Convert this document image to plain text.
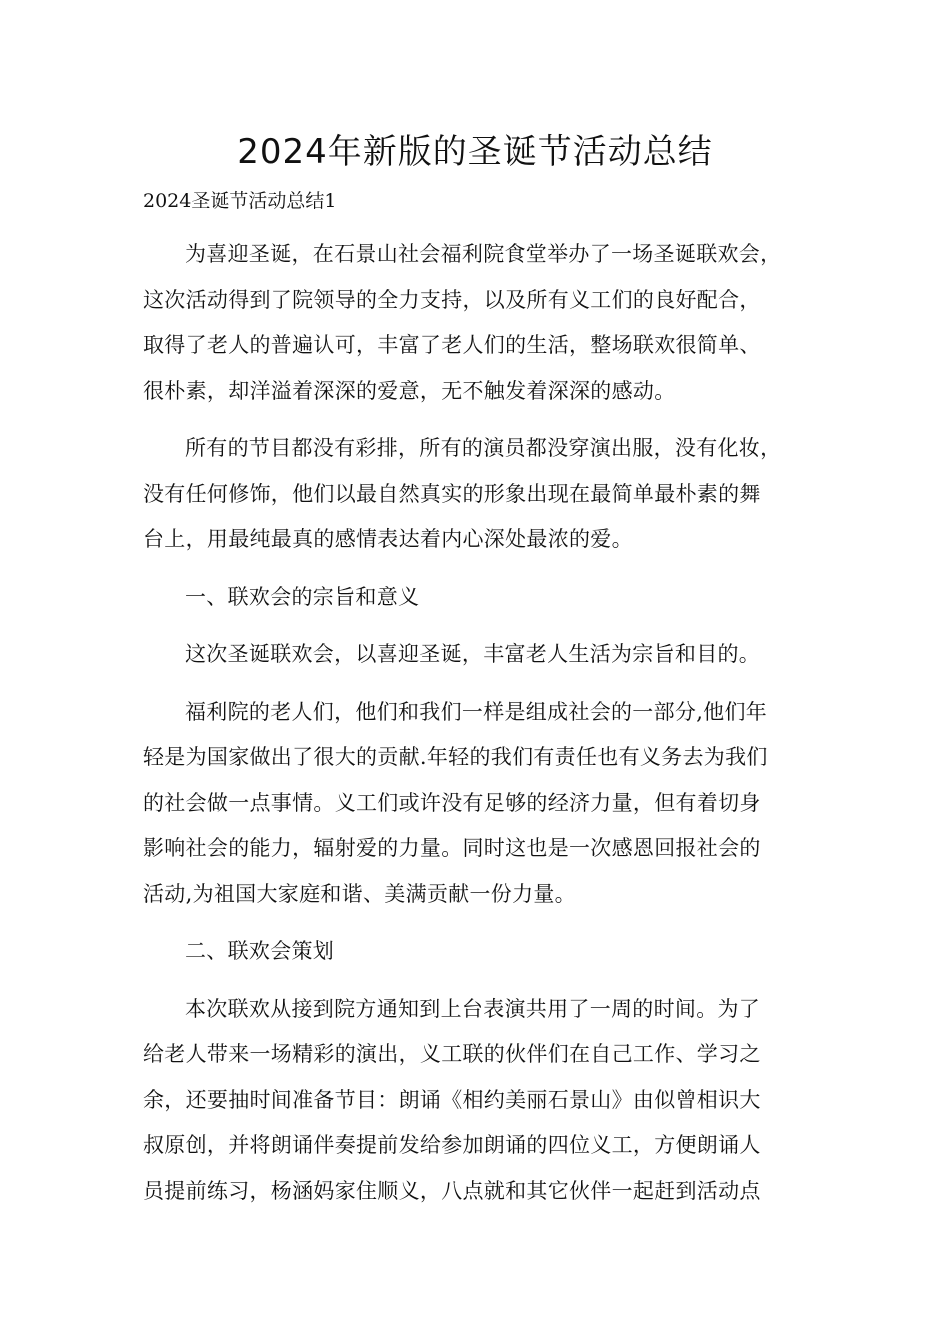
2024年新版的圣诞节活动总结

2024圣诞节活动总结1

为喜迎圣诞，在石景山社会福利院食堂举办了一场圣诞联欢会，
这次活动得到了院领导的全力支持，以及所有义工们的良好配合，
取得了老人的普遍认可，丰富了老人们的生活，整场联欢很简单、
很朴素，却洋溢着深深的爱意，无不触发着深深的感动。

所有的节目都没有彩排，所有的演员都没穿演出服，没有化妆，
没有任何修饰，他们以最自然真实的形象出现在最简单最朴素的舞
台上，用最纯最真的感情表达着内心深处最浓的爱。

一、联欢会的宗旨和意义

这次圣诞联欢会，以喜迎圣诞，丰富老人生活为宗旨和目的。

福利院的老人们，他们和我们一样是组成社会的一部分,他们年
轻是为国家做出了很大的贡献.年轻的我们有责任也有义务去为我们
的社会做一点事情。义工们或许没有足够的经济力量，但有着切身
影响社会的能力，辐射爱的力量。同时这也是一次感恩回报社会的
活动,为祖国大家庭和谐、美满贡献一份力量。

二、联欢会策划

本次联欢从接到院方通知到上台表演共用了一周的时间。为了
给老人带来一场精彩的演出，义工联的伙伴们在自己工作、学习之
余，还要抽时间准备节目：朗诵《相约美丽石景山》由似曾相识大
叔原创，并将朗诵伴奏提前发给参加朗诵的四位义工，方便朗诵人
员提前练习，杨涵妈家住顺义，八点就和其它伙伴一起赶到活动点
